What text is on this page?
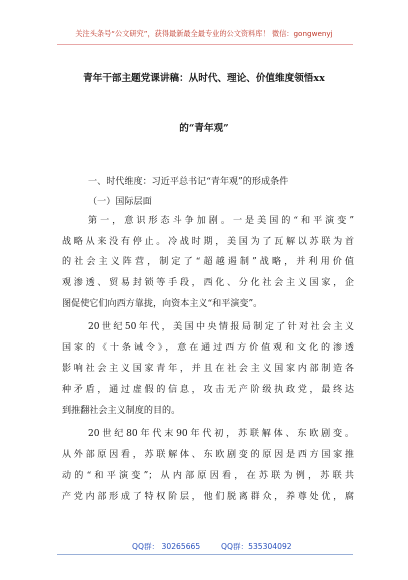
关注头条号“公文研究”，获得最新最全最专业的公文资料库！ 微信：gongwenyj
青年干部主题党课讲稿：从时代、理论、价值维度领悟xx
的“青年观”
一、时代维度：习近平总书记“青年观”的形成条件
（一）国际层面
第一，意识形态斗争加剧。一是美国的“和平演变”
战略从来没有停止。冷战时期，美国为了瓦解以苏联为首
的社会主义阵营，制定了“超越遏制”战略，并利用价值
观渗透、贸易封锁等手段，西化、分化社会主义国家，企
图促使它们向西方靠拢，向资本主义“和平演变”。
20世纪50年代，美国中央情报局制定了针对社会主义
国家的《十条诫令》，意在通过西方价值观和文化的渗透
影响社会主义国家青年，并且在社会主义国家内部制造各
种矛盾，通过虚假的信息，攻击无产阶级执政党，最终达
到推翻社会主义制度的目的。
20世纪80年代末90年代初，苏联解体、东欧剧变。
从外部原因看，苏联解体、东欧剧变的原因是西方国家推
动的“和平演变”；从内部原因看，在苏联为例，苏联共
产党内部形成了特权阶层，他们脱离群众，养尊处优，腐
QQ群： 30265665	QQ群：535304092
